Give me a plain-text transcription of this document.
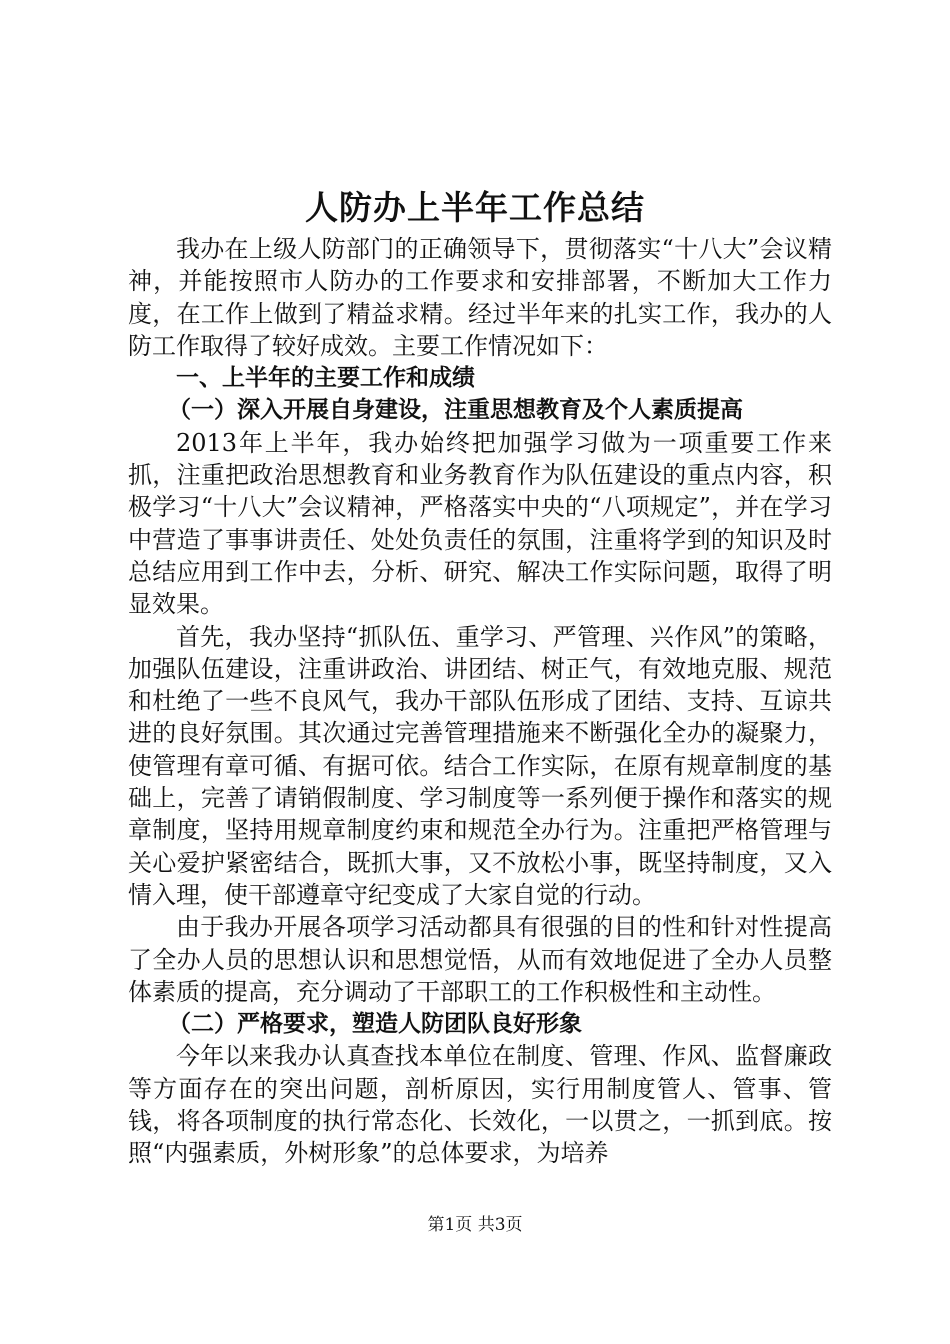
人防办上半年工作总结

我办在上级人防部门的正确领导下，贯彻落实“十八大”会议精神，并能按照市人防办的工作要求和安排部署，不断加大工作力度，在工作上做到了精益求精。经过半年来的扎实工作，我办的人防工作取得了较好成效。主要工作情况如下：

一、上半年的主要工作和成绩

（一）深入开展自身建设，注重思想教育及个人素质提高

2013年上半年，我办始终把加强学习做为一项重要工作来抓，注重把政治思想教育和业务教育作为队伍建设的重点内容，积极学习“十八大”会议精神，严格落实中央的“八项规定”，并在学习中营造了事事讲责任、处处负责任的氛围，注重将学到的知识及时总结应用到工作中去，分析、研究、解决工作实际问题，取得了明显效果。

首先，我办坚持“抓队伍、重学习、严管理、兴作风”的策略，加强队伍建设，注重讲政治、讲团结、树正气，有效地克服、规范和杜绝了一些不良风气，我办干部队伍形成了团结、支持、互谅共进的良好氛围。其次通过完善管理措施来不断强化全办的凝聚力，使管理有章可循、有据可依。结合工作实际，在原有规章制度的基础上，完善了请销假制度、学习制度等一系列便于操作和落实的规章制度，坚持用规章制度约束和规范全办行为。注重把严格管理与关心爱护紧密结合，既抓大事，又不放松小事，既坚持制度，又入情入理，使干部遵章守纪变成了大家自觉的行动。

由于我办开展各项学习活动都具有很强的目的性和针对性提高了全办人员的思想认识和思想觉悟，从而有效地促进了全办人员整体素质的提高，充分调动了干部职工的工作积极性和主动性。

（二）严格要求，塑造人防团队良好形象

今年以来我办认真查找本单位在制度、管理、作风、监督廉政等方面存在的突出问题，剖析原因，实行用制度管人、管事、管钱，将各项制度的执行常态化、长效化，一以贯之，一抓到底。按照“内强素质，外树形象”的总体要求，为培养

第1页 共3页
